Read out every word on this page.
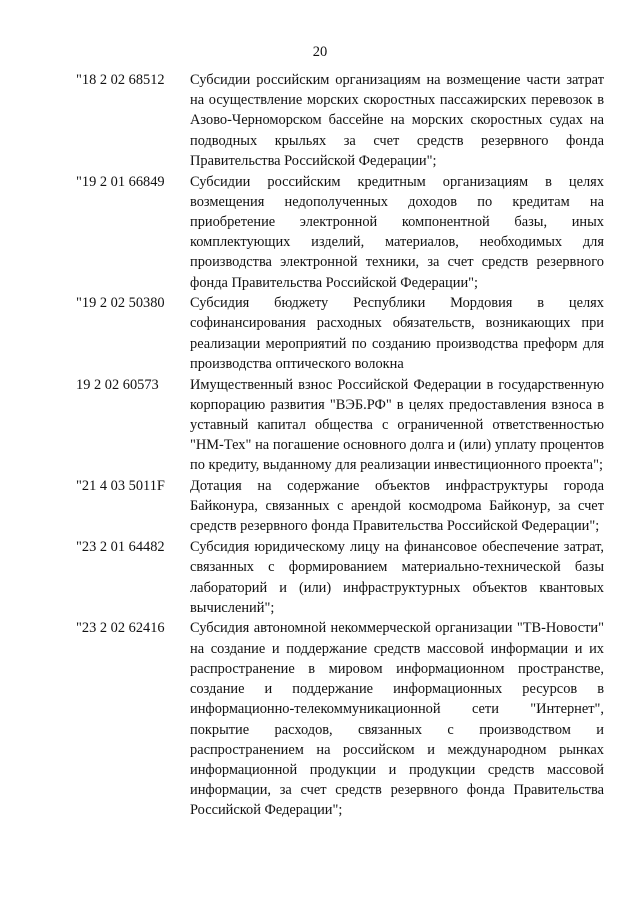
20
"18 2 02 68512	Субсидии российским организациям на возмещение части затрат на осуществление морских скоростных пассажирских перевозок в Азово-Черноморском бассейне на морских скоростных судах на подводных крыльях за счет средств резервного фонда Правительства Российской Федерации";
"19 2 01 66849	Субсидии российским кредитным организациям в целях возмещения недополученных доходов по кредитам на приобретение электронной компонентной базы, иных комплектующих изделий, материалов, необходимых для производства электронной техники, за счет средств резервного фонда Правительства Российской Федерации";
"19 2 02 50380	Субсидия бюджету Республики Мордовия в целях софинансирования расходных обязательств, возникающих при реализации мероприятий по созданию производства преформ для производства оптического волокна
19 2 02 60573	Имущественный взнос Российской Федерации в государственную корпорацию развития "ВЭБ.РФ" в целях предоставления взноса в уставный капитал общества с ограниченной ответственностью "НМ-Тех" на погашение основного долга и (или) уплату процентов по кредиту, выданному для реализации инвестиционного проекта";
"21 4 03 5011F	Дотация на содержание объектов инфраструктуры города Байконура, связанных с арендой космодрома Байконур, за счет средств резервного фонда Правительства Российской Федерации";
"23 2 01 64482	Субсидия юридическому лицу на финансовое обеспечение затрат, связанных с формированием материально-технической базы лабораторий и (или) инфраструктурных объектов квантовых вычислений";
"23 2 02 62416	Субсидия автономной некоммерческой организации "ТВ-Новости" на создание и поддержание средств массовой информации и их распространение в мировом информационном пространстве, создание и поддержание информационных ресурсов в информационно-телекоммуникационной сети "Интернет", покрытие расходов, связанных с производством и распространением на российском и международном рынках информационной продукции и продукции средств массовой информации, за счет средств резервного фонда Правительства Российской Федерации";
